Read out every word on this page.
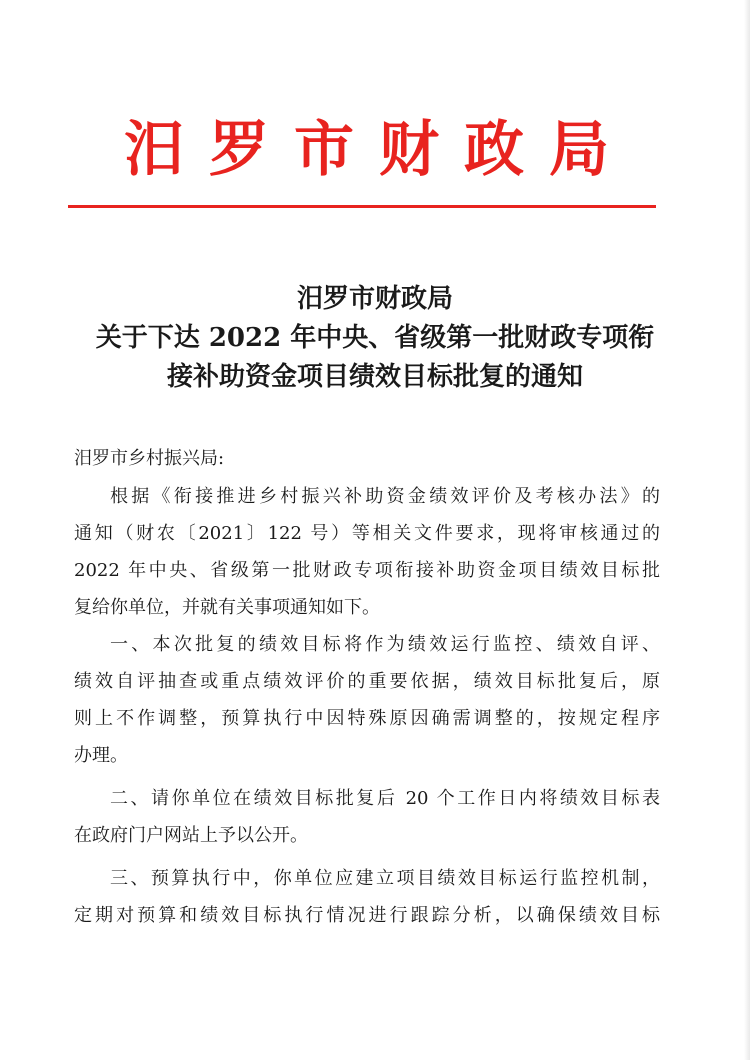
汨罗市财政局
汨罗市财政局
关于下达 2022 年中央、省级第一批财政专项衔
接补助资金项目绩效目标批复的通知
汨罗市乡村振兴局:
根据《衔接推进乡村振兴补助资金绩效评价及考核办法》的
通知（财农〔2021〕122 号）等相关文件要求，现将审核通过的
2022 年中央、省级第一批财政专项衔接补助资金项目绩效目标批
复给你单位，并就有关事项通知如下。
一、本次批复的绩效目标将作为绩效运行监控、绩效自评、
绩效自评抽查或重点绩效评价的重要依据，绩效目标批复后，原
则上不作调整，预算执行中因特殊原因确需调整的，按规定程序
办理。
二、请你单位在绩效目标批复后 20 个工作日内将绩效目标表
在政府门户网站上予以公开。
三、预算执行中，你单位应建立项目绩效目标运行监控机制，
定期对预算和绩效目标执行情况进行跟踪分析，以确保绩效目标
